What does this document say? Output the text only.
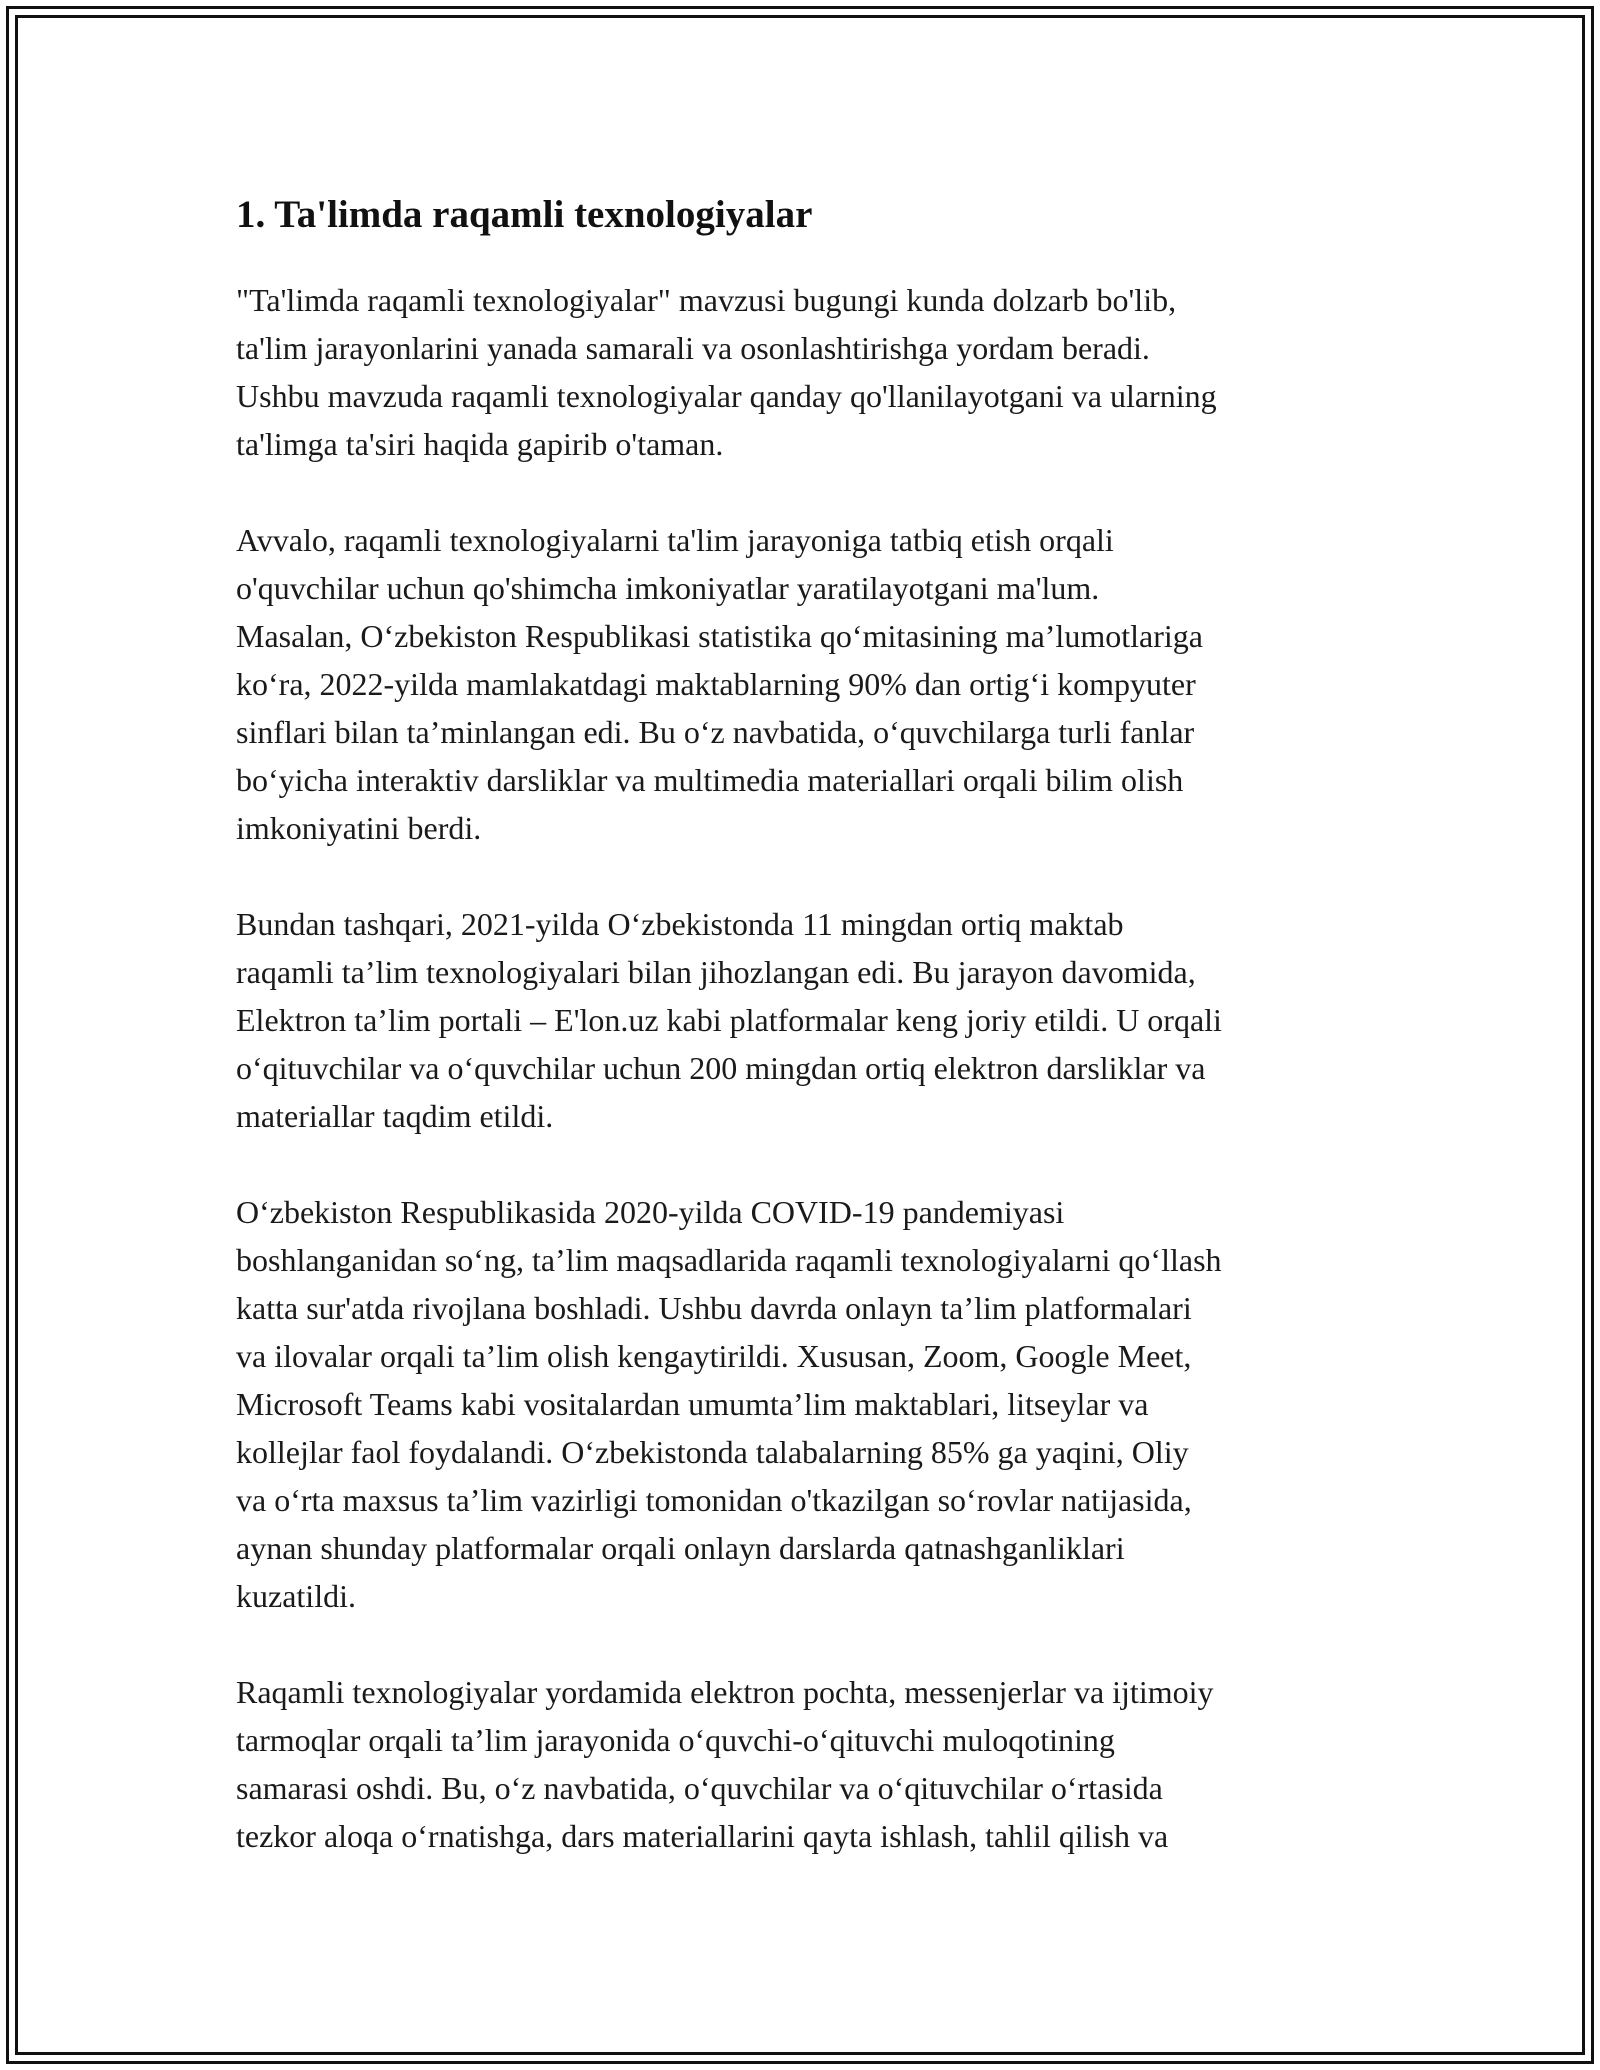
1. Ta'limda raqamli texnologiyalar

"Ta'limda raqamli texnologiyalar" mavzusi bugungi kunda dolzarb bo'lib,
ta'lim jarayonlarini yanada samarali va osonlashtirishga yordam beradi.
Ushbu mavzuda raqamli texnologiyalar qanday qo'llanilayotgani va ularning
ta'limga ta'siri haqida gapirib o'taman.

Avvalo, raqamli texnologiyalarni ta'lim jarayoniga tatbiq etish orqali
o'quvchilar uchun qo'shimcha imkoniyatlar yaratilayotgani ma'lum.
Masalan, O‘zbekiston Respublikasi statistika qo‘mitasining ma’lumotlariga
ko‘ra, 2022-yilda mamlakatdagi maktablarning 90% dan ortig‘i kompyuter
sinflari bilan ta’minlangan edi. Bu o‘z navbatida, o‘quvchilarga turli fanlar
bo‘yicha interaktiv darsliklar va multimedia materiallari orqali bilim olish
imkoniyatini berdi.

Bundan tashqari, 2021-yilda O‘zbekistonda 11 mingdan ortiq maktab
raqamli ta’lim texnologiyalari bilan jihozlangan edi. Bu jarayon davomida,
Elektron ta’lim portali – E'lon.uz kabi platformalar keng joriy etildi. U orqali
o‘qituvchilar va o‘quvchilar uchun 200 mingdan ortiq elektron darsliklar va
materiallar taqdim etildi.

O‘zbekiston Respublikasida 2020-yilda COVID-19 pandemiyasi
boshlanganidan so‘ng, ta’lim maqsadlarida raqamli texnologiyalarni qo‘llash
katta sur'atda rivojlana boshladi. Ushbu davrda onlayn ta’lim platformalari
va ilovalar orqali ta’lim olish kengaytirildi. Xususan, Zoom, Google Meet,
Microsoft Teams kabi vositalardan umumta’lim maktablari, litseylar va
kollejlar faol foydalandi. O‘zbekistonda talabalarning 85% ga yaqini, Oliy
va o‘rta maxsus ta’lim vazirligi tomonidan o'tkazilgan so‘rovlar natijasida,
aynan shunday platformalar orqali onlayn darslarda qatnashganliklari
kuzatildi.

Raqamli texnologiyalar yordamida elektron pochta, messenjerlar va ijtimoiy
tarmoqlar orqali ta’lim jarayonida o‘quvchi-o‘qituvchi muloqotining
samarasi oshdi. Bu, o‘z navbatida, o‘quvchilar va o‘qituvchilar o‘rtasida
tezkor aloqa o‘rnatishga, dars materiallarini qayta ishlash, tahlil qilish va
